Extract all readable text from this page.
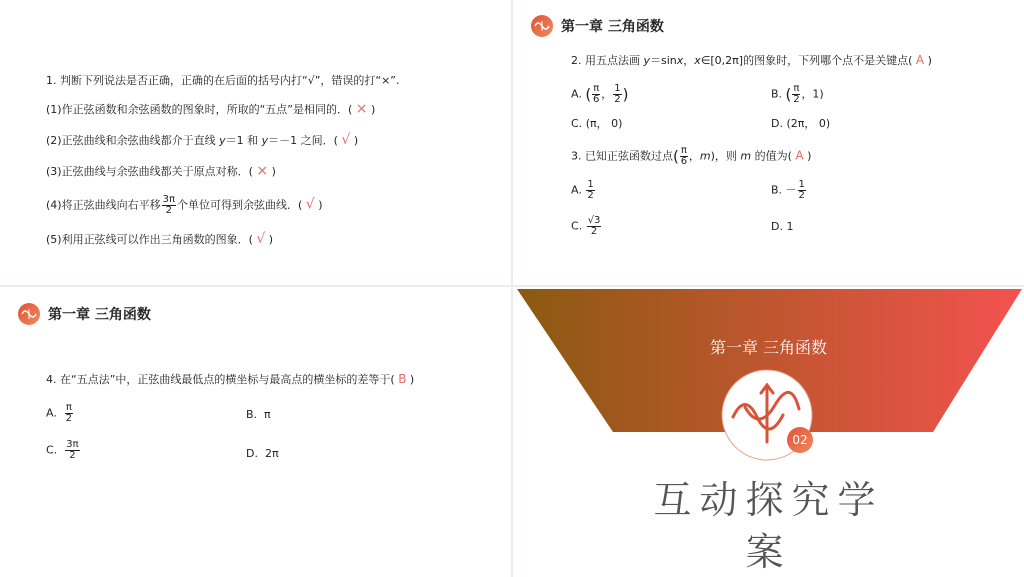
1. 判断下列说法是否正确，正确的在后面的括号内打“√”，错误的打“×”.
(1)作正弦函数和余弦函数的图象时，所取的“五点”是相同的．( × )
(2)正弦曲线和余弦曲线都介于直线 y＝1 和 y＝－1 之间．( √ )
(3)正弦曲线与余弦曲线都关于原点对称．( × )
(4)将正弦曲线向右平移 $\frac{3\pi}{2}$ 个单位可得到余弦曲线．( √ )
(5)利用正弦线可以作出三角函数的图象．( √ )
第一章 三角函数
2. 用五点法画 y＝sinx，x∈[0,2π]的图象时，下列哪个点不是关键点( A )
A. ( $\frac{\pi}{6}$ ， $\frac{1}{2}$ )	B. ( $\frac{\pi}{2}$ ，1)
C. (π， 0)	D. (2π， 0)
3. 已知正弦函数过点( $\frac{\pi}{6}$ ，m)，则 m 的值为( A )
A. $\frac{1}{2}$	B. － $\frac{1}{2}$
C. $\frac{√3}{2}$	D. 1
第一章 三角函数
4. 在“五点法”中，正弦曲线最低点的横坐标与最高点的横坐标的差等于( B )
A. $\frac{\pi}{2}$	B. π
C. $\frac{3\pi}{2}$	D. 2π
第一章 三角函数
02
互动探究学
案
